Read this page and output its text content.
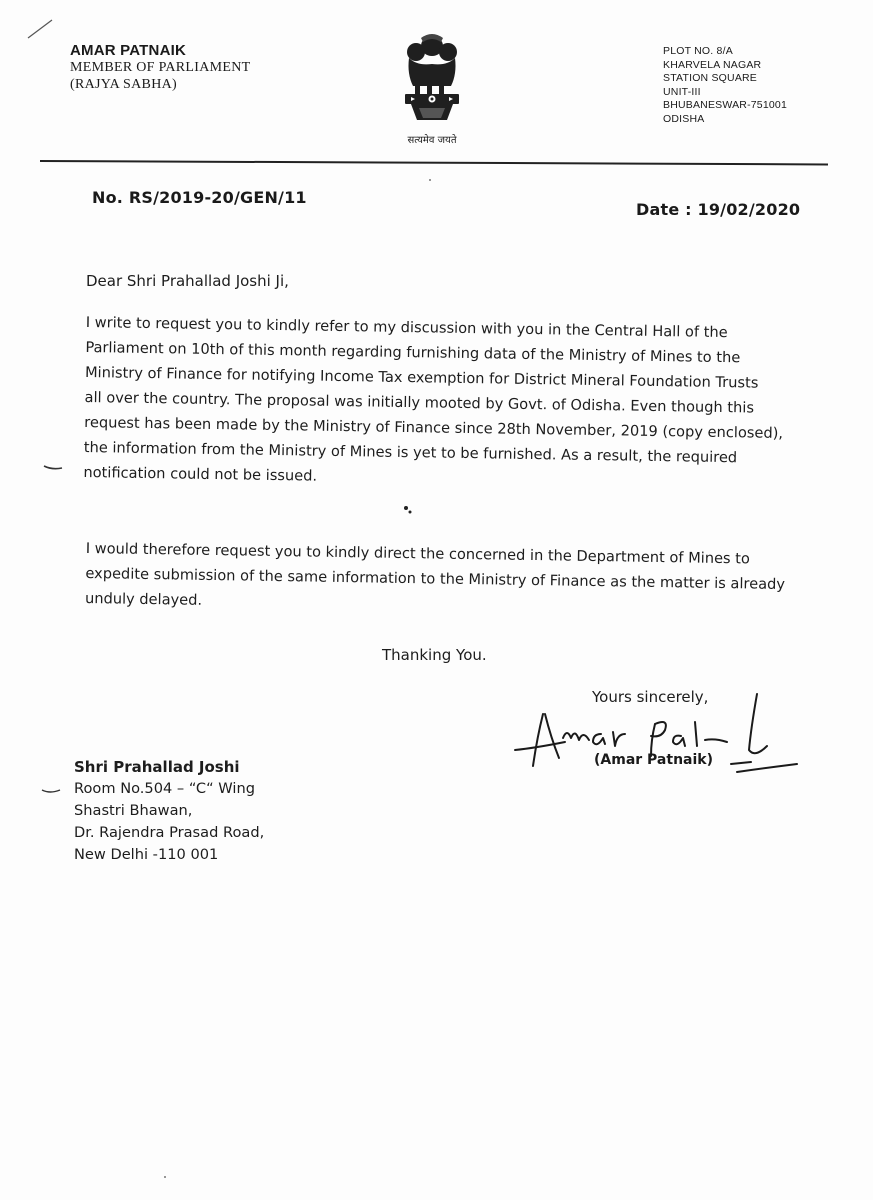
AMAR PATNAIK
MEMBER OF PARLIAMENT
(RAJYA SABHA)
सत्यमेव जयते
PLOT NO. 8/A
KHARVELA NAGAR
STATION SQUARE
UNIT-III
BHUBANESWAR-751001
ODISHA
No. RS/2019-20/GEN/11
Date : 19/02/2020
Dear Shri Prahallad Joshi Ji,
I write to request you to kindly refer to my discussion with you in the Central Hall of the
Parliament on 10th of this month regarding furnishing data of the Ministry of Mines to the
Ministry of Finance for notifying Income Tax exemption for District Mineral Foundation Trusts
all over the country. The proposal was initially mooted by Govt. of Odisha. Even though this
request has been made by the Ministry of Finance since 28th November, 2019 (copy enclosed),
the information from the Ministry of Mines is yet to be furnished. As a result, the required
notification could not be issued.
I would therefore request you to kindly direct the concerned in the Department of Mines to
expedite submission of the same information to the Ministry of Finance as the matter is already
unduly delayed.
Thanking You.
Yours sincerely,
(Amar Patnaik)
Shri Prahallad Joshi
Room No.504 – “C“ Wing
Shastri Bhawan,
Dr. Rajendra Prasad Road,
New Delhi -110 001
